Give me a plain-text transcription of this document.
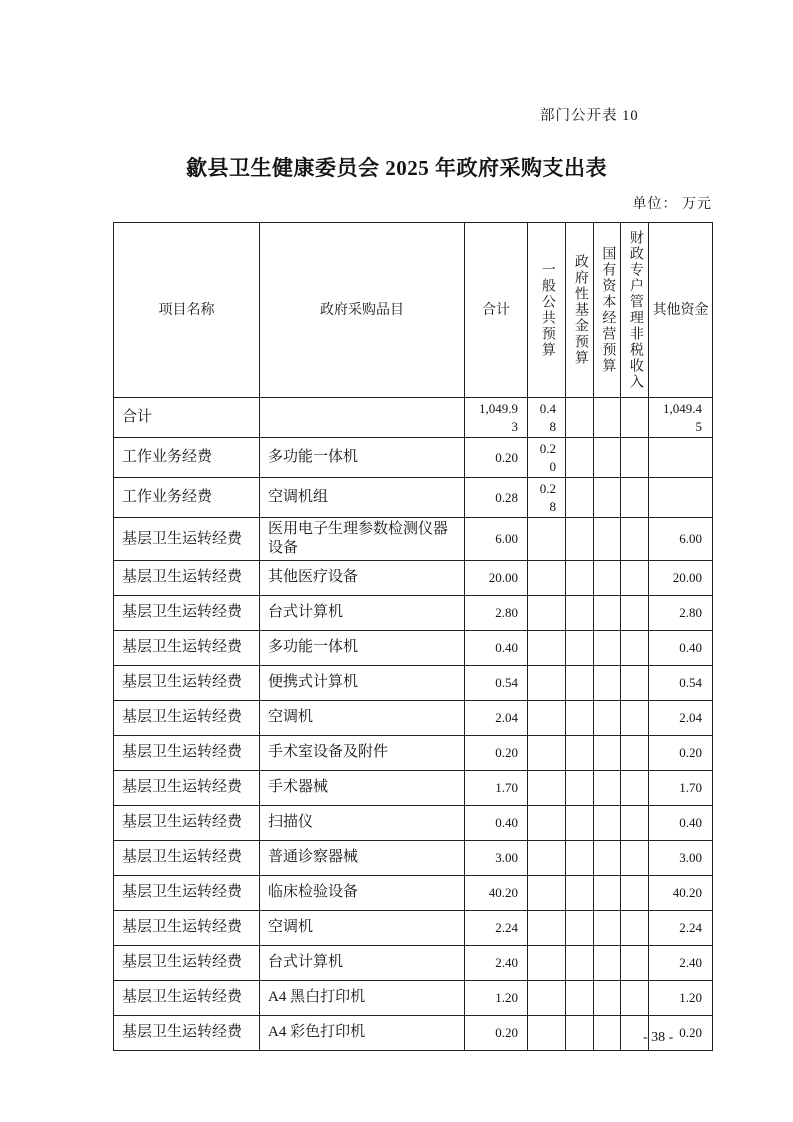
部门公开表 10
歙县卫生健康委员会 2025 年政府采购支出表
单位： 万元
项目名称	政府采购品目	合计	一般公共预算	政府性基金预算	国有资本经营预算	财政专户管理非税收入	其他资金
合计		1,049.93	0.48				1,049.45
工作业务经费	多功能一体机	0.20	0.20				
工作业务经费	空调机组	0.28	0.28				
基层卫生运转经费	医用电子生理参数检测仪器设备	6.00					6.00
基层卫生运转经费	其他医疗设备	20.00					20.00
基层卫生运转经费	台式计算机	2.80					2.80
基层卫生运转经费	多功能一体机	0.40					0.40
基层卫生运转经费	便携式计算机	0.54					0.54
基层卫生运转经费	空调机	2.04					2.04
基层卫生运转经费	手术室设备及附件	0.20					0.20
基层卫生运转经费	手术器械	1.70					1.70
基层卫生运转经费	扫描仪	0.40					0.40
基层卫生运转经费	普通诊察器械	3.00					3.00
基层卫生运转经费	临床检验设备	40.20					40.20
基层卫生运转经费	空调机	2.24					2.24
基层卫生运转经费	台式计算机	2.40					2.40
基层卫生运转经费	A4 黑白打印机	1.20					1.20
基层卫生运转经费	A4 彩色打印机	0.20					0.20
- 38 -
